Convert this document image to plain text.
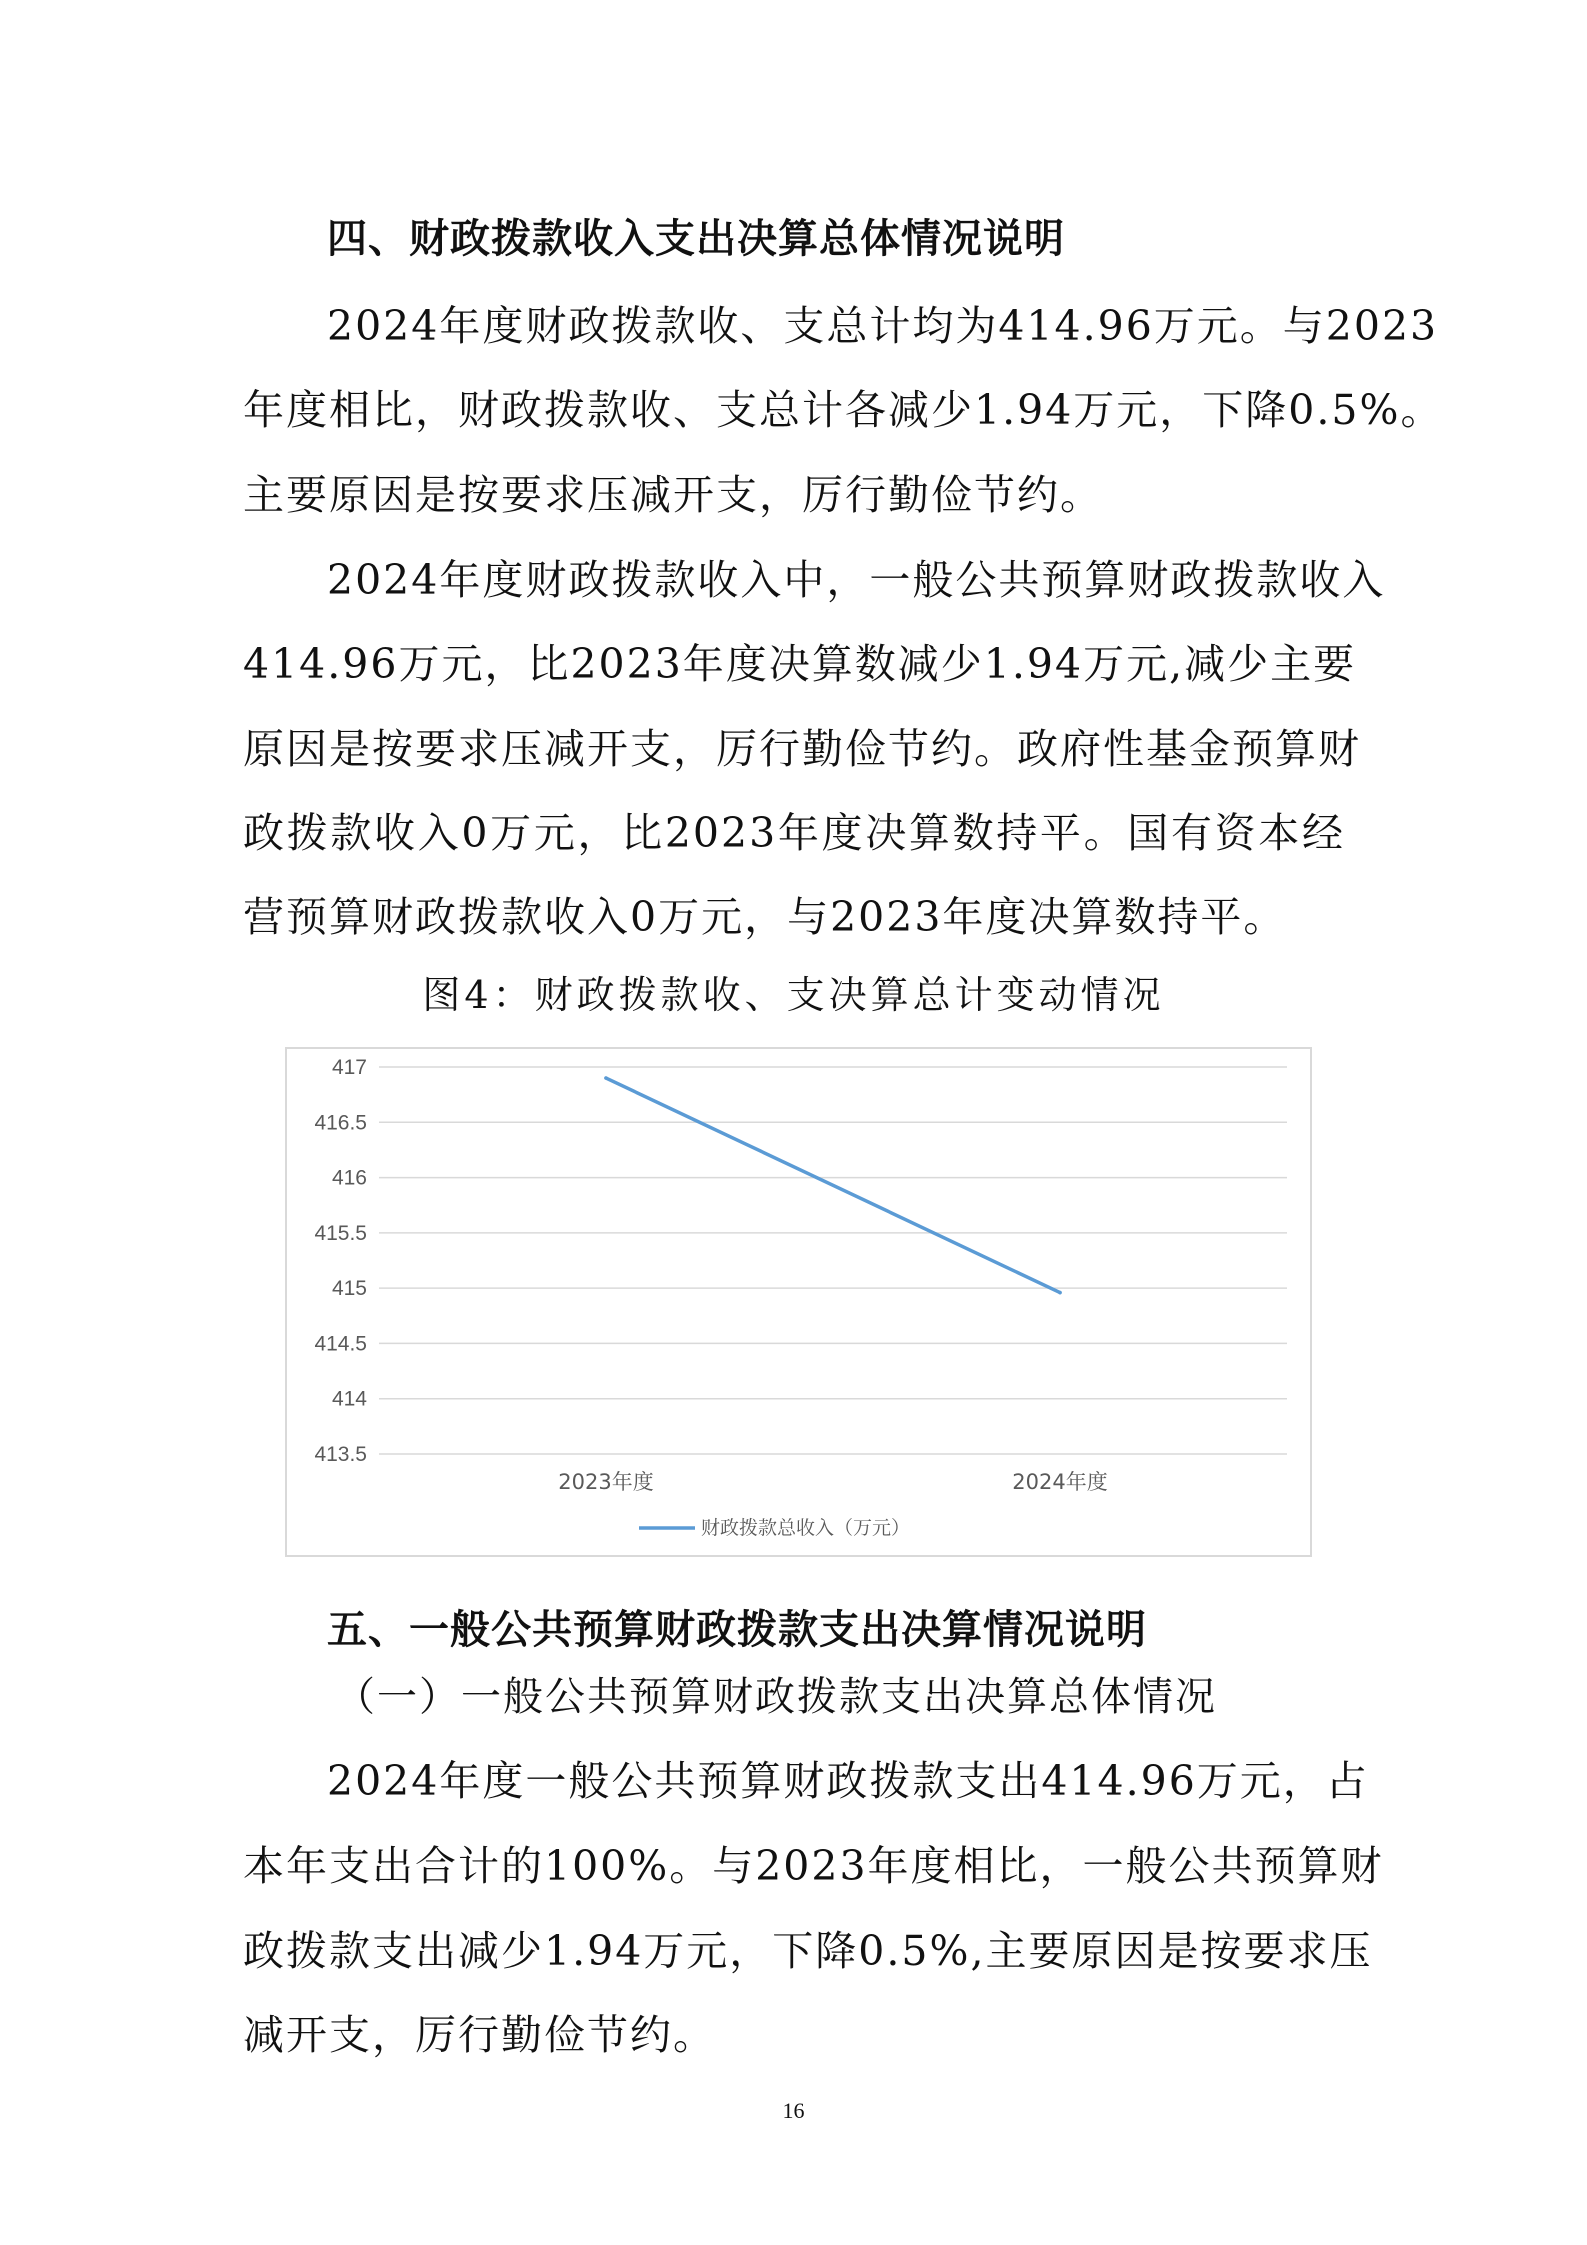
四、财政拨款收入支出决算总体情况说明
2024年度财政拨款收、支总计均为414.96万元。与2023
年度相比，财政拨款收、支总计各减少1.94万元，下降0.5%。
主要原因是按要求压减开支，厉行勤俭节约。
2024年度财政拨款收入中，一般公共预算财政拨款收入
414.96万元，比2023年度决算数减少1.94万元,减少主要
原因是按要求压减开支，厉行勤俭节约。政府性基金预算财
政拨款收入0万元，比2023年度决算数持平。国有资本经
营预算财政拨款收入0万元，与2023年度决算数持平。
图4：财政拨款收、支决算总计变动情况
417
416.5
416
415.5
415
414.5
414
413.5
2023年度	2024年度
财政拨款总收入（万元）
五、一般公共预算财政拨款支出决算情况说明
（一）一般公共预算财政拨款支出决算总体情况
2024年度一般公共预算财政拨款支出414.96万元，占
本年支出合计的100%。与2023年度相比，一般公共预算财
政拨款支出减少1.94万元，下降0.5%,主要原因是按要求压
减开支，厉行勤俭节约。
16
